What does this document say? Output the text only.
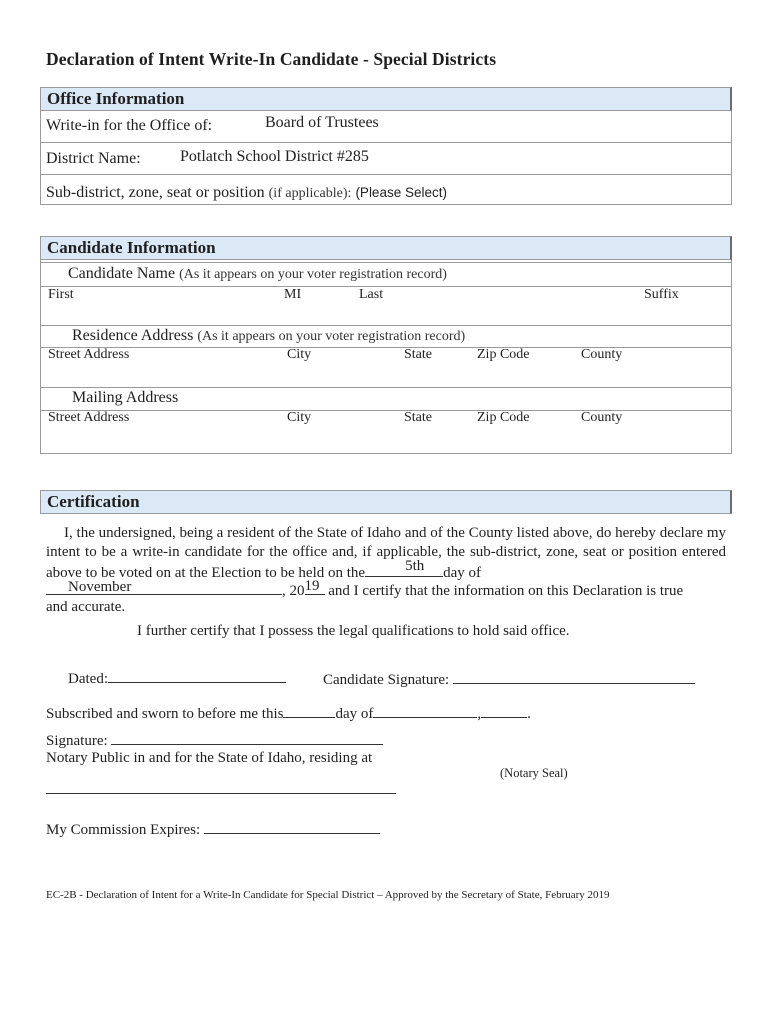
Declaration of Intent Write-In Candidate - Special Districts
Office Information
Write-in for the Office of:	Board of Trustees
District Name: Potlatch School District #285
Sub-district, zone, seat or position (if applicable): (Please Select)
Candidate Information
Candidate Name (As it appears on your voter registration record)
First	MI	Last	Suffix
Residence Address (As it appears on your voter registration record)
Street Address	City	State	Zip Code	County
Mailing Address
Street Address	City	State	Zip Code	County
Certification
I, the undersigned, being a resident of the State of Idaho and of the County listed above, do hereby declare my intent to be a write-in candidate for the office and, if applicable, the sub-district, zone, seat or position entered above to be voted on at the Election to be held on the	5th day of
November	, 20 19 and I certify that the information on this Declaration is true
and accurate.
I further certify that I possess the legal qualifications to hold said office.
Dated:	Candidate Signature:
Subscribed and sworn to before me this	day of	,	.
Signature:
Notary Public in and for the State of Idaho, residing at
(Notary Seal)
My Commission Expires:
EC-2B - Declaration of Intent for a Write-In Candidate for Special District – Approved by the Secretary of State, February 2019
